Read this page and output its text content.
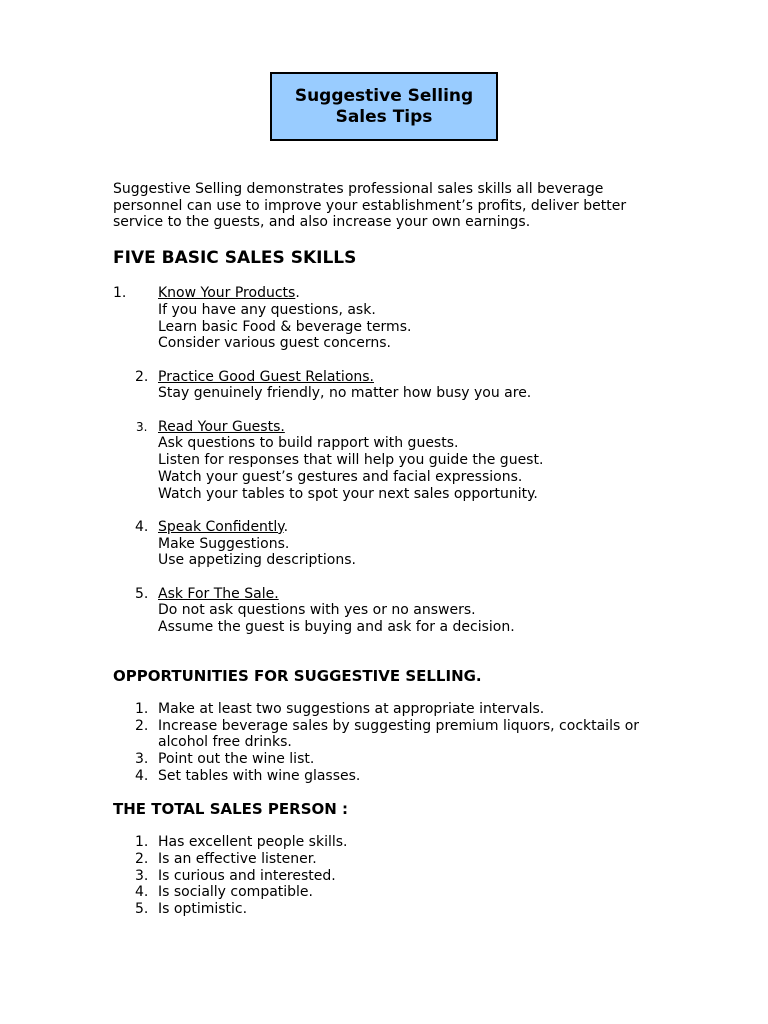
Suggestive Selling
Sales Tips

Suggestive Selling demonstrates professional sales skills all beverage personnel can use to improve your establishment’s profits, deliver better service to the guests, and also increase your own earnings.

FIVE BASIC SALES SKILLS
1. Know Your Products.
If you have any questions, ask.
Learn basic Food & beverage terms.
Consider various guest concerns.
2. Practice Good Guest Relations.
Stay genuinely friendly, no matter how busy you are.
3. Read Your Guests.
Ask questions to build rapport with guests.
Listen for responses that will help you guide the guest.
Watch your guest’s gestures and facial expressions.
Watch your tables to spot your next sales opportunity.
4. Speak Confidently.
Make Suggestions.
Use appetizing descriptions.
5. Ask For The Sale.
Do not ask questions with yes or no answers.
Assume the guest is buying and ask for a decision.
OPPORTUNITIES FOR SUGGESTIVE SELLING.
1. Make at least two suggestions at appropriate intervals.
2. Increase beverage sales by suggesting premium liquors, cocktails or alcohol free drinks.
3. Point out the wine list.
4. Set tables with wine glasses.
THE TOTAL SALES PERSON :
1. Has excellent people skills.
2. Is an effective listener.
3. Is curious and interested.
4. Is socially compatible.
5. Is optimistic.
